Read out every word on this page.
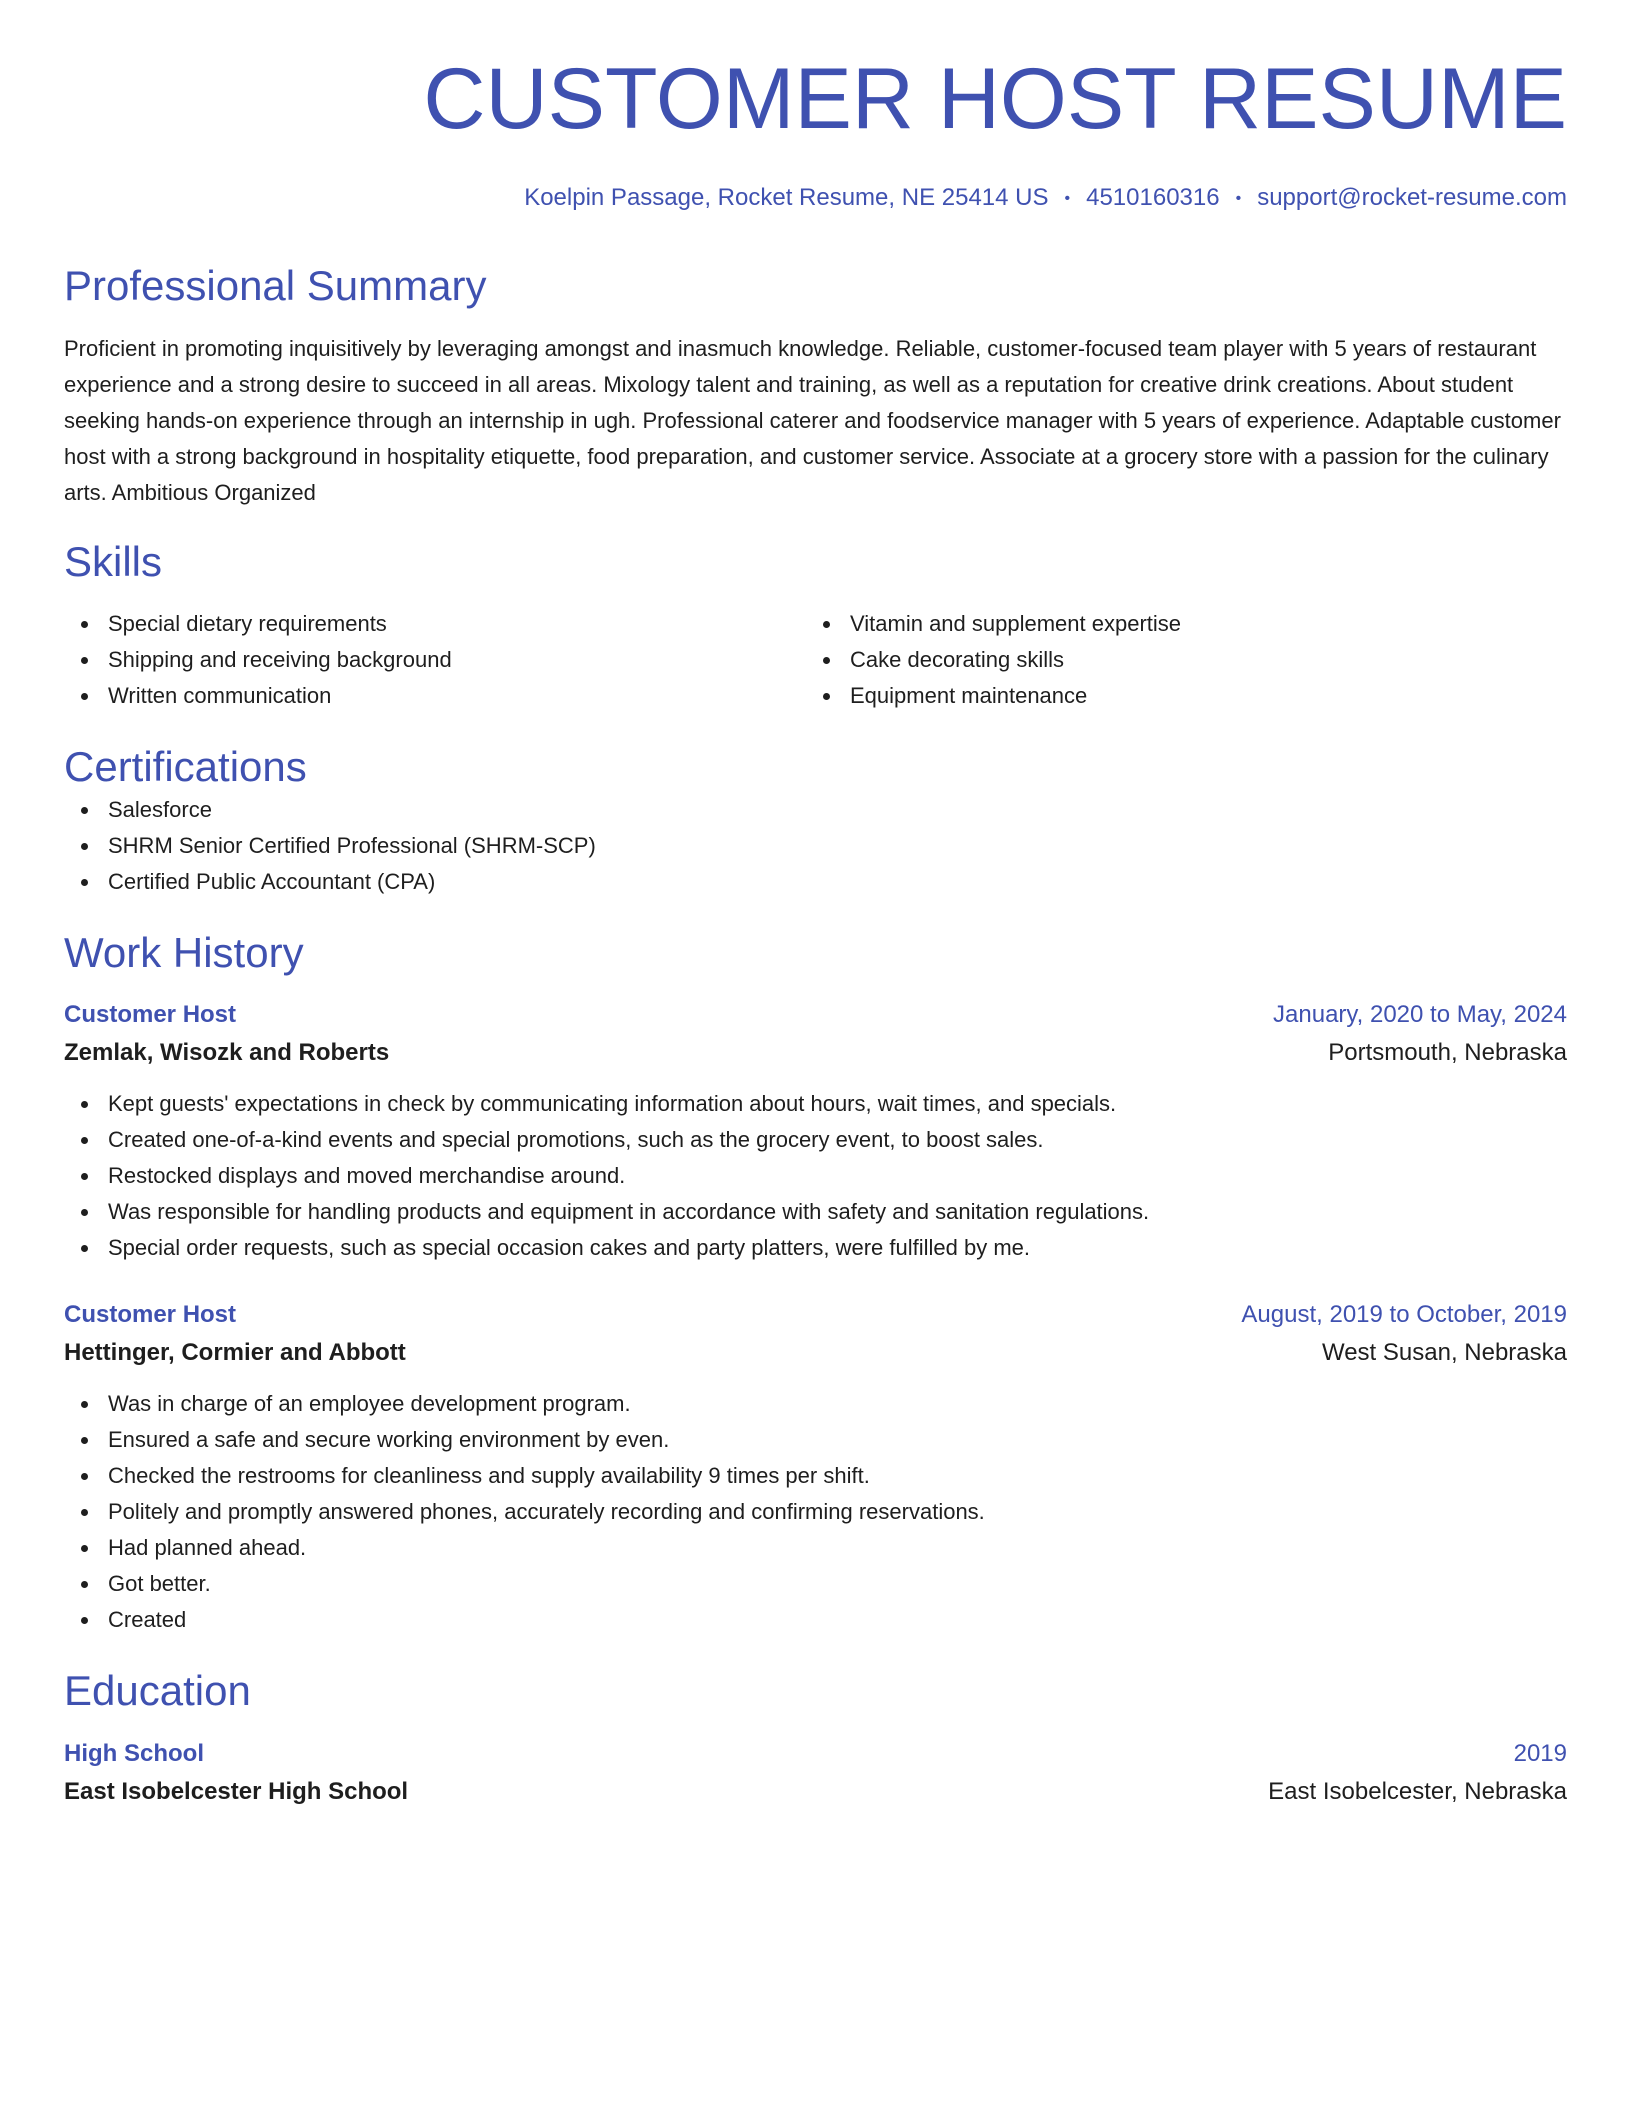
CUSTOMER HOST RESUME
Koelpin Passage, Rocket Resume, NE 25414 US • 4510160316 • support@rocket-resume.com
Professional Summary
Proficient in promoting inquisitively by leveraging amongst and inasmuch knowledge. Reliable, customer-focused team player with 5 years of restaurant experience and a strong desire to succeed in all areas. Mixology talent and training, as well as a reputation for creative drink creations. About student seeking hands-on experience through an internship in ugh. Professional caterer and foodservice manager with 5 years of experience. Adaptable customer host with a strong background in hospitality etiquette, food preparation, and customer service. Associate at a grocery store with a passion for the culinary arts. Ambitious Organized
Skills
Special dietary requirements
Shipping and receiving background
Written communication
Vitamin and supplement expertise
Cake decorating skills
Equipment maintenance
Certifications
Salesforce
SHRM Senior Certified Professional (SHRM-SCP)
Certified Public Accountant (CPA)
Work History
Customer Host	January, 2020 to May, 2024
Zemlak, Wisozk and Roberts	Portsmouth, Nebraska
Kept guests' expectations in check by communicating information about hours, wait times, and specials.
Created one-of-a-kind events and special promotions, such as the grocery event, to boost sales.
Restocked displays and moved merchandise around.
Was responsible for handling products and equipment in accordance with safety and sanitation regulations.
Special order requests, such as special occasion cakes and party platters, were fulfilled by me.
Customer Host	August, 2019 to October, 2019
Hettinger, Cormier and Abbott	West Susan, Nebraska
Was in charge of an employee development program.
Ensured a safe and secure working environment by even.
Checked the restrooms for cleanliness and supply availability 9 times per shift.
Politely and promptly answered phones, accurately recording and confirming reservations.
Had planned ahead.
Got better.
Created
Education
High School	2019
East Isobelcester High School	East Isobelcester, Nebraska
